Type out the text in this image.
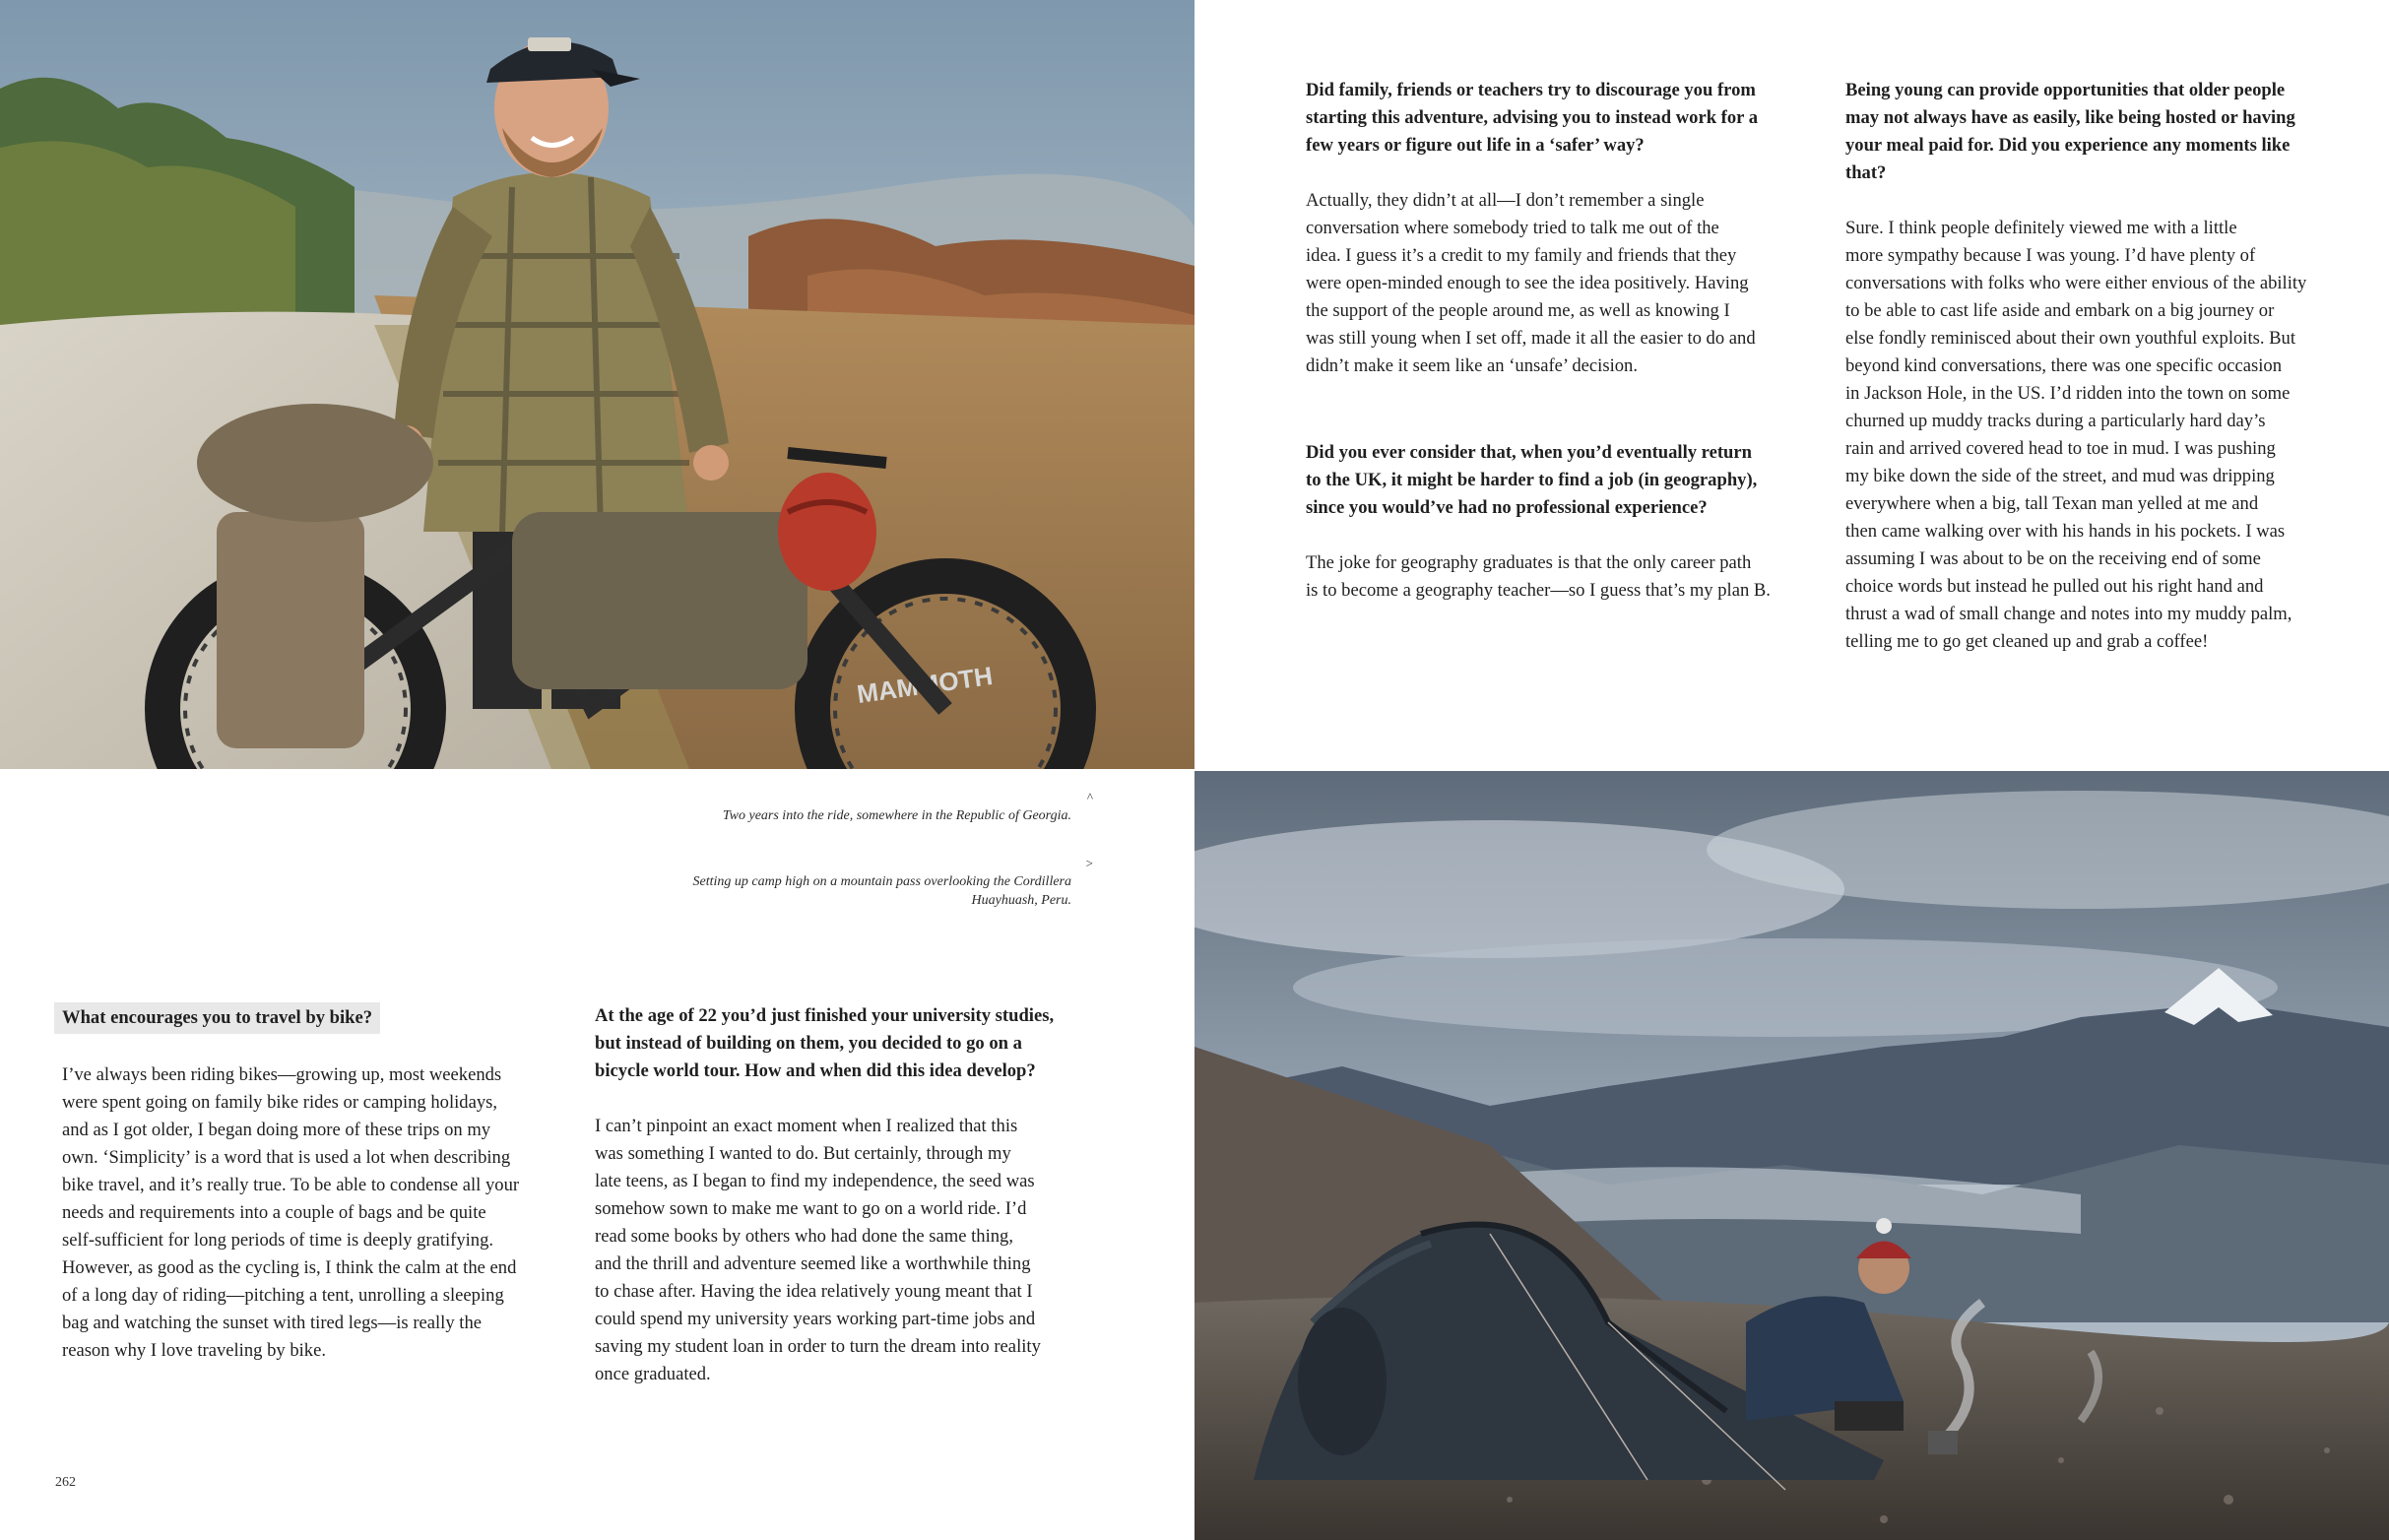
MAMMOTH

Did family, friends or teachers try to discourage you from
starting this adventure, advising you to instead work for a
few years or figure out life in a ‘safer’ way?

Actually, they didn’t at all—I don’t remember a single
conversation where somebody tried to talk me out of the
idea. I guess it’s a credit to my family and friends that they
were open-minded enough to see the idea positively. Having
the support of the people around me, as well as knowing I
was still young when I set off, made it all the easier to do and
didn’t make it seem like an ‘unsafe’ decision.

Did you ever consider that, when you’d eventually return
to the UK, it might be harder to find a job (in geography),
since you would’ve had no professional experience?

The joke for geography graduates is that the only career path
is to become a geography teacher—so I guess that’s my plan B.

Being young can provide opportunities that older people
may not always have as easily, like being hosted or having
your meal paid for. Did you experience any moments like
that?

Sure. I think people definitely viewed me with a little
more sympathy because I was young. I’d have plenty of
conversations with folks who were either envious of the ability
to be able to cast life aside and embark on a big journey or
else fondly reminisced about their own youthful exploits. But
beyond kind conversations, there was one specific occasion
in Jackson Hole, in the US. I’d ridden into the town on some
churned up muddy tracks during a particularly hard day’s
rain and arrived covered head to toe in mud. I was pushing
my bike down the side of the street, and mud was dripping
everywhere when a big, tall Texan man yelled at me and
then came walking over with his hands in his pockets. I was
assuming I was about to be on the receiving end of some
choice words but instead he pulled out his right hand and
thrust a wad of small change and notes into my muddy palm,
telling me to go get cleaned up and grab a coffee!

Two years into the ride, somewhere in the Republic of Georgia.

^

Setting up camp high on a mountain pass overlooking the Cordillera
Huayhuash, Peru.

>

What encourages you to travel by bike?

I’ve always been riding bikes—growing up, most weekends
were spent going on family bike rides or camping holidays,
and as I got older, I began doing more of these trips on my
own. ‘Simplicity’ is a word that is used a lot when describing
bike travel, and it’s really true. To be able to condense all your
needs and requirements into a couple of bags and be quite
self-sufficient for long periods of time is deeply gratifying.
However, as good as the cycling is, I think the calm at the end
of a long day of riding—pitching a tent, unrolling a sleeping
bag and watching the sunset with tired legs—is really the
reason why I love traveling by bike.

At the age of 22 you’d just finished your university studies,
but instead of building on them, you decided to go on a
bicycle world tour. How and when did this idea develop?

I can’t pinpoint an exact moment when I realized that this
was something I wanted to do. But certainly, through my
late teens, as I began to find my independence, the seed was
somehow sown to make me want to go on a world ride. I’d
read some books by others who had done the same thing,
and the thrill and adventure seemed like a worthwhile thing
to chase after. Having the idea relatively young meant that I
could spend my university years working part-time jobs and
saving my student loan in order to turn the dream into reality
once graduated.

262
